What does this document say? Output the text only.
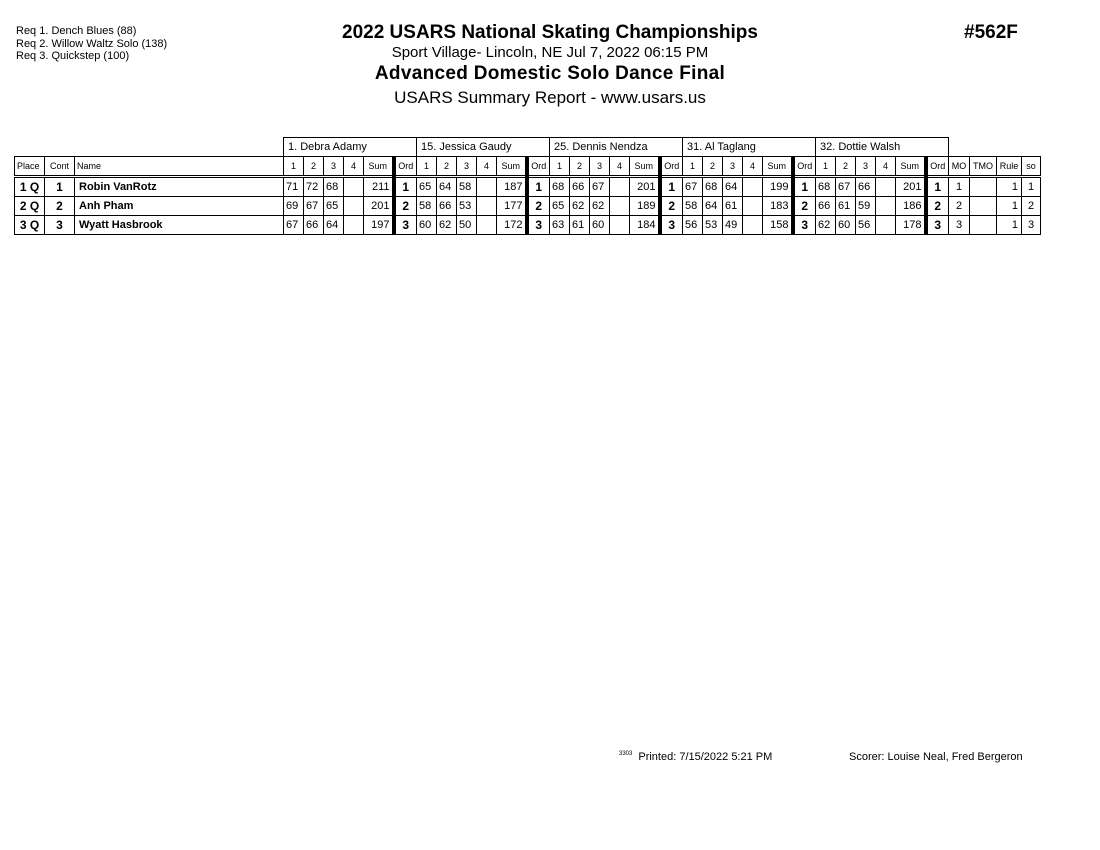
Req 1. Dench Blues (88)
Req 2. Willow Waltz Solo (138)
Req 3. Quickstep (100)
2022 USARS National Skating Championships
Sport Village- Lincoln, NE Jul 7, 2022 06:15 PM
Advanced Domestic Solo Dance Final
USARS Summary Report - www.usars.us
#562F
			1. Debra Adamy						15. Jessica Gaudy						25. Dennis Nendza						31. Al Taglang						32. Dottie Walsh									
Place	Cont	Name	1	2	3	4	Sum	Ord	1	2	3	4	Sum	Ord	1	2	3	4	Sum	Ord	1	2	3	4	Sum	Ord	1	2	3	4	Sum	Ord	MO	TMO	Rule	so
1 Q	1	Robin VanRotz	71	72	68		211	1	65	64	58		187	1	68	66	67		201	1	67	68	64		199	1	68	67	66		201	1	1		1	1
2 Q	2	Anh Pham	69	67	65		201	2	58	66	53		177	2	65	62	62		189	2	58	64	61		183	2	66	61	59		186	2	2		1	2
3 Q	3	Wyatt Hasbrook	67	66	64		197	3	60	62	50		172	3	63	61	60		184	3	56	53	49		158	3	62	60	56		178	3	3		1	3
$^{3303}$ Printed: 7/15/2022 5:21 PM	Scorer: Louise Neal, Fred Bergeron
